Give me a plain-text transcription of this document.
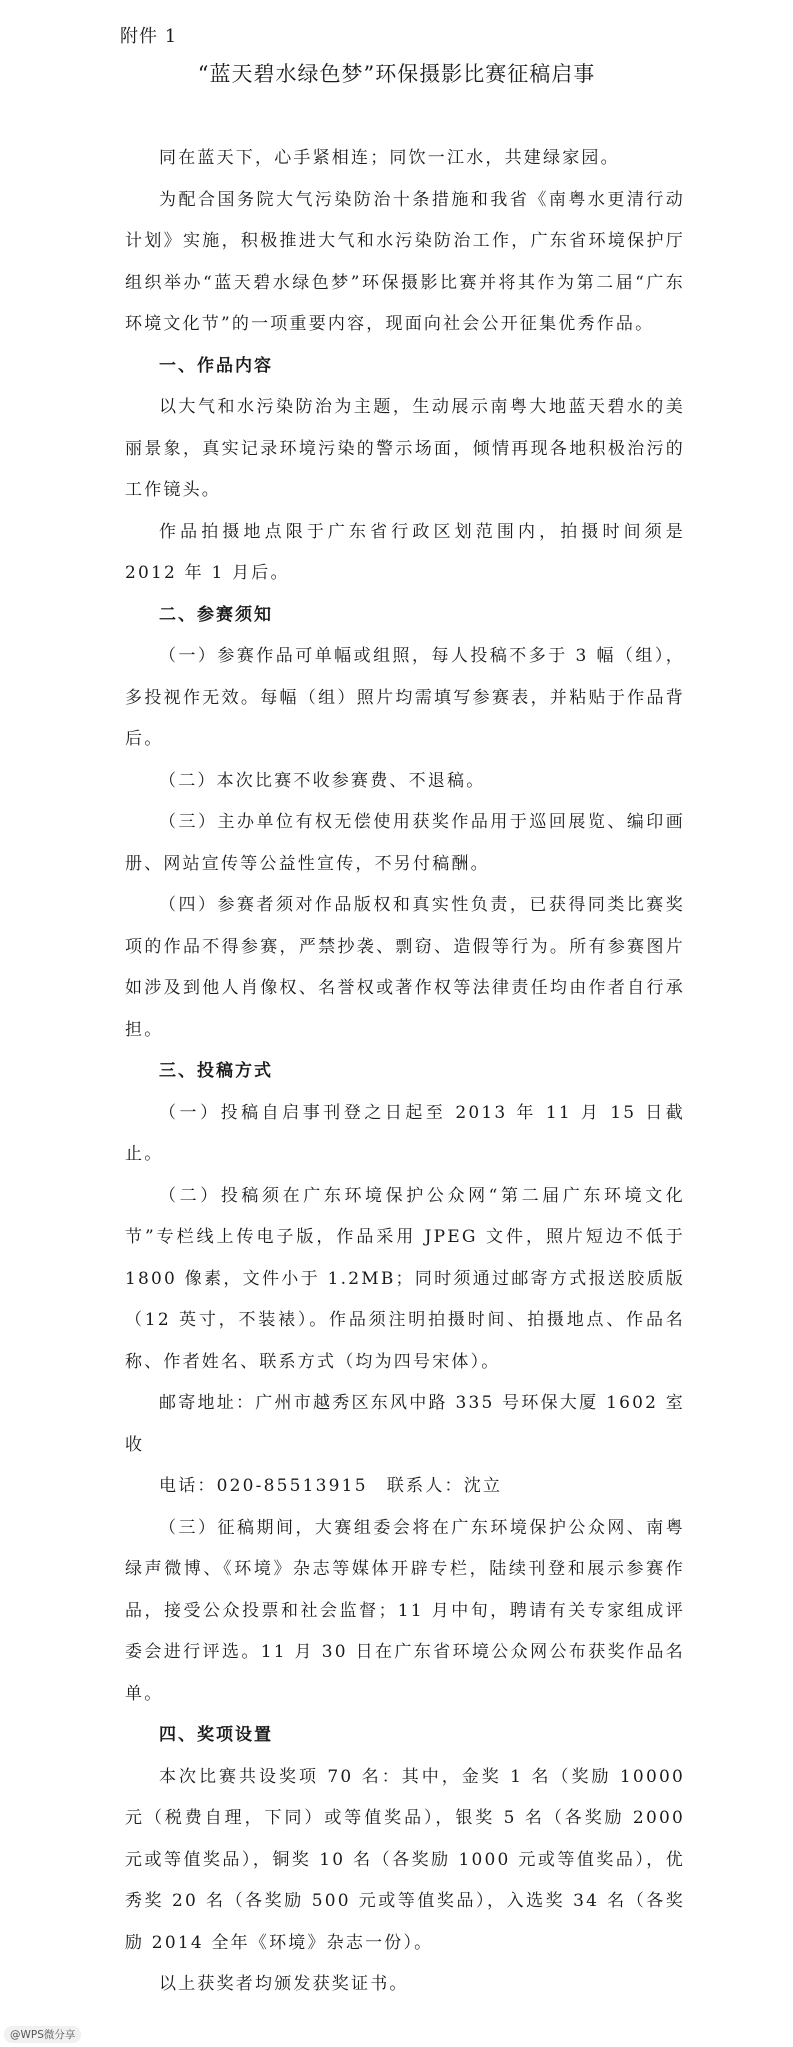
附件 1
“蓝天碧水绿色梦”环保摄影比赛征稿启事

同在蓝天下，心手紧相连；同饮一江水，共建绿家园。

为配合国务院大气污染防治十条措施和我省《南粤水更清行动计划》实施，积极推进大气和水污染防治工作，广东省环境保护厅组织举办“蓝天碧水绿色梦”环保摄影比赛并将其作为第二届“广东环境文化节”的一项重要内容，现面向社会公开征集优秀作品。

一、作品内容

以大气和水污染防治为主题，生动展示南粤大地蓝天碧水的美丽景象，真实记录环境污染的警示场面，倾情再现各地积极治污的工作镜头。

作品拍摄地点限于广东省行政区划范围内，拍摄时间须是 2012 年 1 月后。

二、参赛须知

（一）参赛作品可单幅或组照，每人投稿不多于 3 幅（组），多投视作无效。每幅（组）照片均需填写参赛表，并粘贴于作品背后。

（二）本次比赛不收参赛费、不退稿。

（三）主办单位有权无偿使用获奖作品用于巡回展览、编印画册、网站宣传等公益性宣传，不另付稿酬。

（四）参赛者须对作品版权和真实性负责，已获得同类比赛奖项的作品不得参赛，严禁抄袭、剽窃、造假等行为。所有参赛图片如涉及到他人肖像权、名誉权或著作权等法律责任均由作者自行承担。

三、投稿方式

（一）投稿自启事刊登之日起至 2013 年 11 月 15 日截止。

（二）投稿须在广东环境保护公众网“第二届广东环境文化节”专栏线上传电子版，作品采用 JPEG 文件，照片短边不低于 1800 像素，文件小于 1.2MB；同时须通过邮寄方式报送胶质版（12 英寸，不装裱）。作品须注明拍摄时间、拍摄地点、作品名称、作者姓名、联系方式（均为四号宋体）。

邮寄地址：广州市越秀区东风中路 335 号环保大厦 1602 室收

电话：020-85513915　联系人：沈立

（三）征稿期间，大赛组委会将在广东环境保护公众网、南粤绿声微博、《环境》杂志等媒体开辟专栏，陆续刊登和展示参赛作品，接受公众投票和社会监督；11 月中旬，聘请有关专家组成评委会进行评选。11 月 30 日在广东省环境公众网公布获奖作品名单。

四、奖项设置

本次比赛共设奖项 70 名：其中，金奖 1 名（奖励 10000 元（税费自理，下同）或等值奖品），银奖 5 名（各奖励 2000 元或等值奖品），铜奖 10 名（各奖励 1000 元或等值奖品），优秀奖 20 名（各奖励 500 元或等值奖品），入选奖 34 名（各奖励 2014 全年《环境》杂志一份）。

以上获奖者均颁发获奖证书。

@WPS微分享
